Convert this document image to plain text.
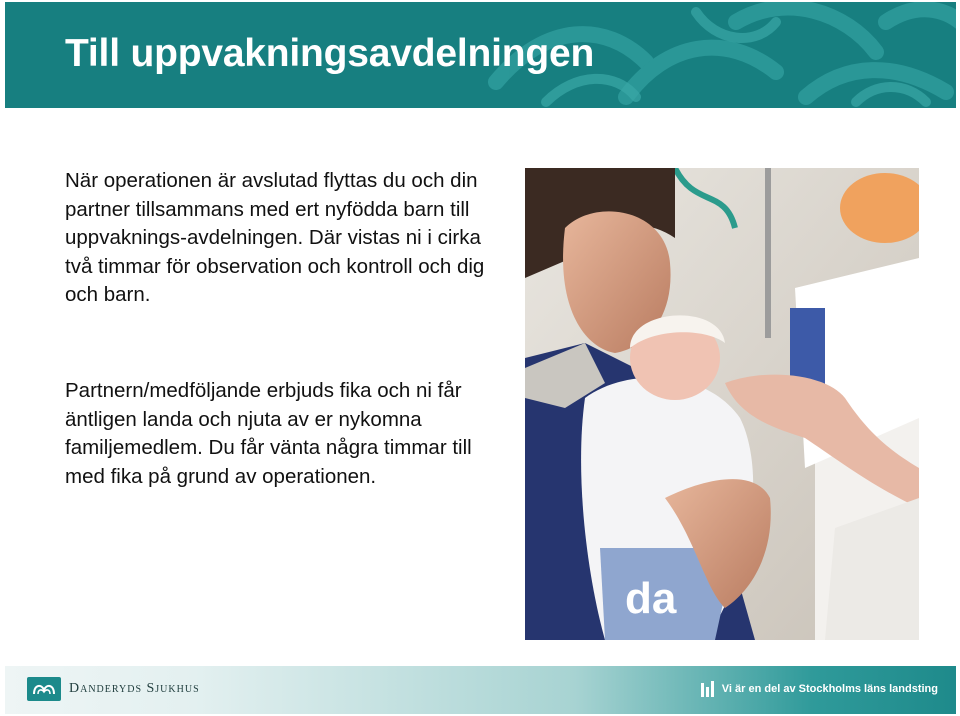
Till uppvakningsavdelningen

När operationen är avslutad flyttas du och din partner tillsammans med ert nyfödda barn till uppvaknings-avdelningen. Där vistas ni i cirka två timmar för observation och kontroll och dig och barn.

Partnern/medföljande erbjuds fika och ni får äntligen landa och njuta av er nykomna familjemedlem. Du får vänta några timmar till med fika på grund av operationen.

da
Danderyds Sjukhus	Vi är en del av Stockholms läns landsting
